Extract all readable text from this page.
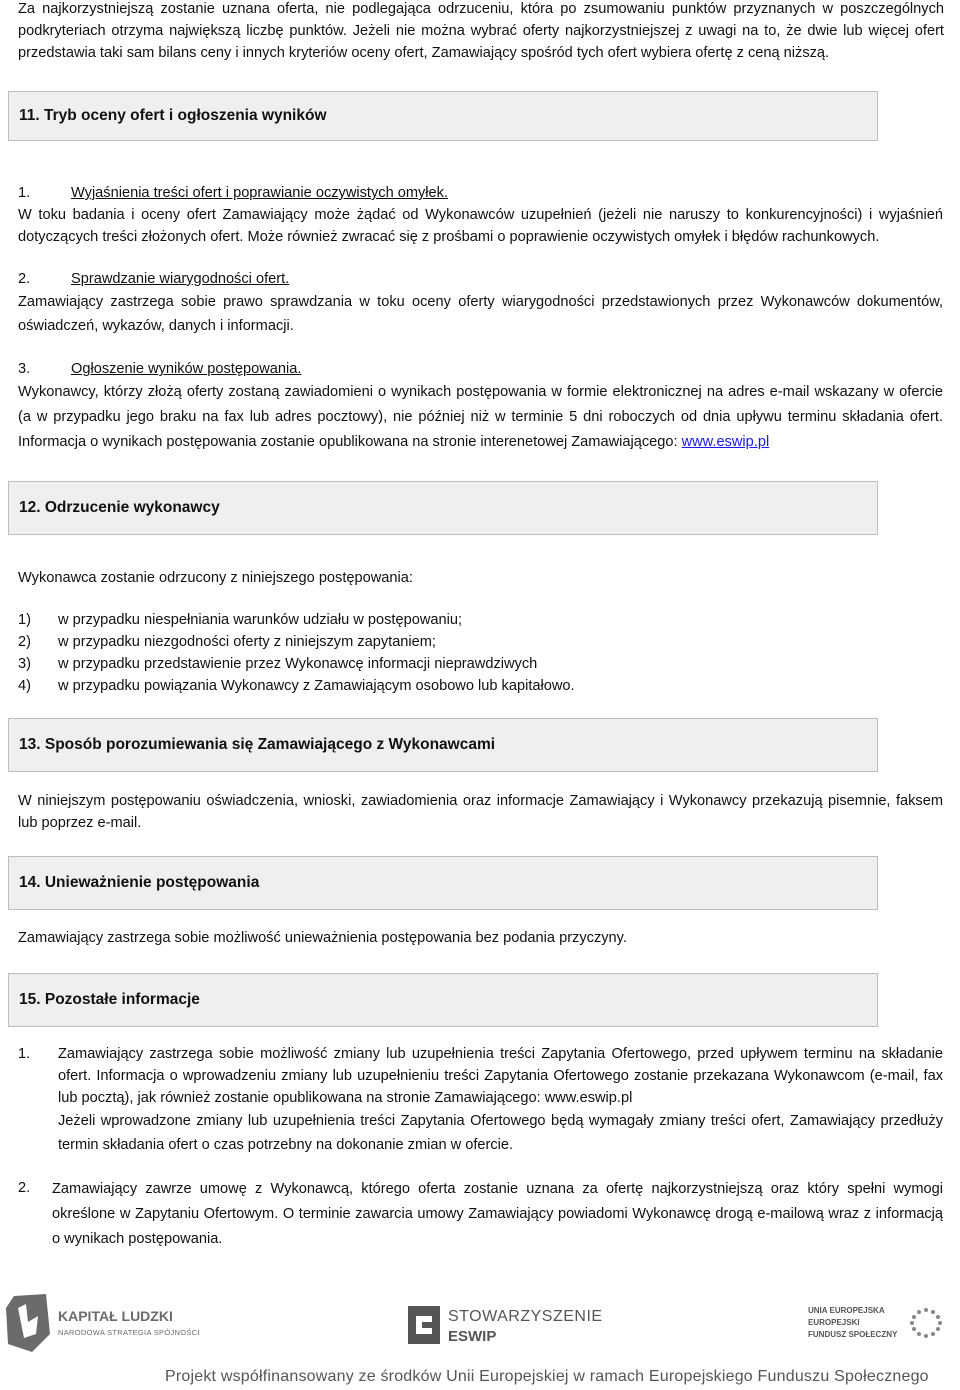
Za najkorzystniejszą zostanie uznana oferta, nie podlegająca odrzuceniu, która po zsumowaniu punktów przyznanych w poszczególnych podkryteriach otrzyma największą liczbę punktów. Jeżeli nie można wybrać oferty najkorzystniejszej z uwagi na to, że dwie lub więcej ofert przedstawia taki sam bilans ceny i innych kryteriów oceny ofert, Zamawiający spośród tych ofert wybiera ofertę z ceną niższą.

11. Tryb oceny ofert i ogłoszenia wyników
1.	Wyjaśnienia treści ofert i poprawianie oczywistych omyłek.

W toku badania i oceny ofert Zamawiający może żądać od Wykonawców uzupełnień (jeżeli nie naruszy to konkurencyjności) i wyjaśnień dotyczących treści złożonych ofert. Może również zwracać się z prośbami o poprawienie oczywistych omyłek i błędów rachunkowych.

2.	Sprawdzanie wiarygodności ofert.

Zamawiający zastrzega sobie prawo sprawdzania w toku oceny oferty wiarygodności przedstawionych przez Wykonawców dokumentów, oświadczeń, wykazów, danych i informacji.

3.	Ogłoszenie wyników postępowania.

Wykonawcy, którzy złożą oferty zostaną zawiadomieni o wynikach postępowania w formie elektronicznej na adres e-mail wskazany w ofercie (a w przypadku jego braku na fax lub adres pocztowy), nie później niż w terminie 5 dni roboczych od dnia upływu terminu składania ofert. Informacja o wynikach postępowania zostanie opublikowana na stronie interenetowej Zamawiającego: www.eswip.pl

12. Odrzucenie wykonawcy

Wykonawca zostanie odrzucony z niniejszego postępowania:

1)	w przypadku niespełniania warunków udziału w postępowaniu;
2)	w przypadku niezgodności oferty z niniejszym zapytaniem;
3)	w przypadku przedstawienie przez Wykonawcę informacji nieprawdziwych
4)	w przypadku powiązania Wykonawcy z Zamawiającym osobowo lub kapitałowo.
13. Sposób porozumiewania się Zamawiającego z Wykonawcami

W niniejszym postępowaniu oświadczenia, wnioski, zawiadomienia oraz informacje Zamawiający i Wykonawcy przekazują pisemnie, faksem lub poprzez e-mail.

14. Unieważnienie postępowania

Zamawiający zastrzega sobie możliwość unieważnienia postępowania bez podania przyczyny.

15. Pozostałe informacje
1.	Zamawiający zastrzega sobie możliwość zmiany lub uzupełnienia treści Zapytania Ofertowego, przed upływem terminu na składanie ofert. Informacja o wprowadzeniu zmiany lub uzupełnieniu treści Zapytania Ofertowego zostanie przekazana Wykonawcom (e-mail, fax lub pocztą), jak również zostanie opublikowana na stronie Zamawiającego: www.eswip.pl

Jeżeli wprowadzone zmiany lub uzupełnienia treści Zapytania Ofertowego będą wymagały zmiany treści ofert, Zamawiający przedłuży termin składania ofert o czas potrzebny na dokonanie zmian w ofercie.

2.	Zamawiający zawrze umowę z Wykonawcą, którego oferta zostanie uznana za ofertę najkorzystniejszą oraz który spełni wymogi określone w Zapytaniu Ofertowym. O terminie zawarcia umowy Zamawiający powiadomi Wykonawcę drogą e-mailową wraz z informacją o wynikach postępowania.

KAPITAŁ LUDZKI
NARODOWA STRATEGIA SPÓJNOŚCI
STOWARZYSZENIE
ESWIP
UNIA EUROPEJSKA
EUROPEJSKI
FUNDUSZ SPOŁECZNY
Projekt współfinansowany ze środków Unii Europejskiej w ramach Europejskiego Funduszu Społecznego
